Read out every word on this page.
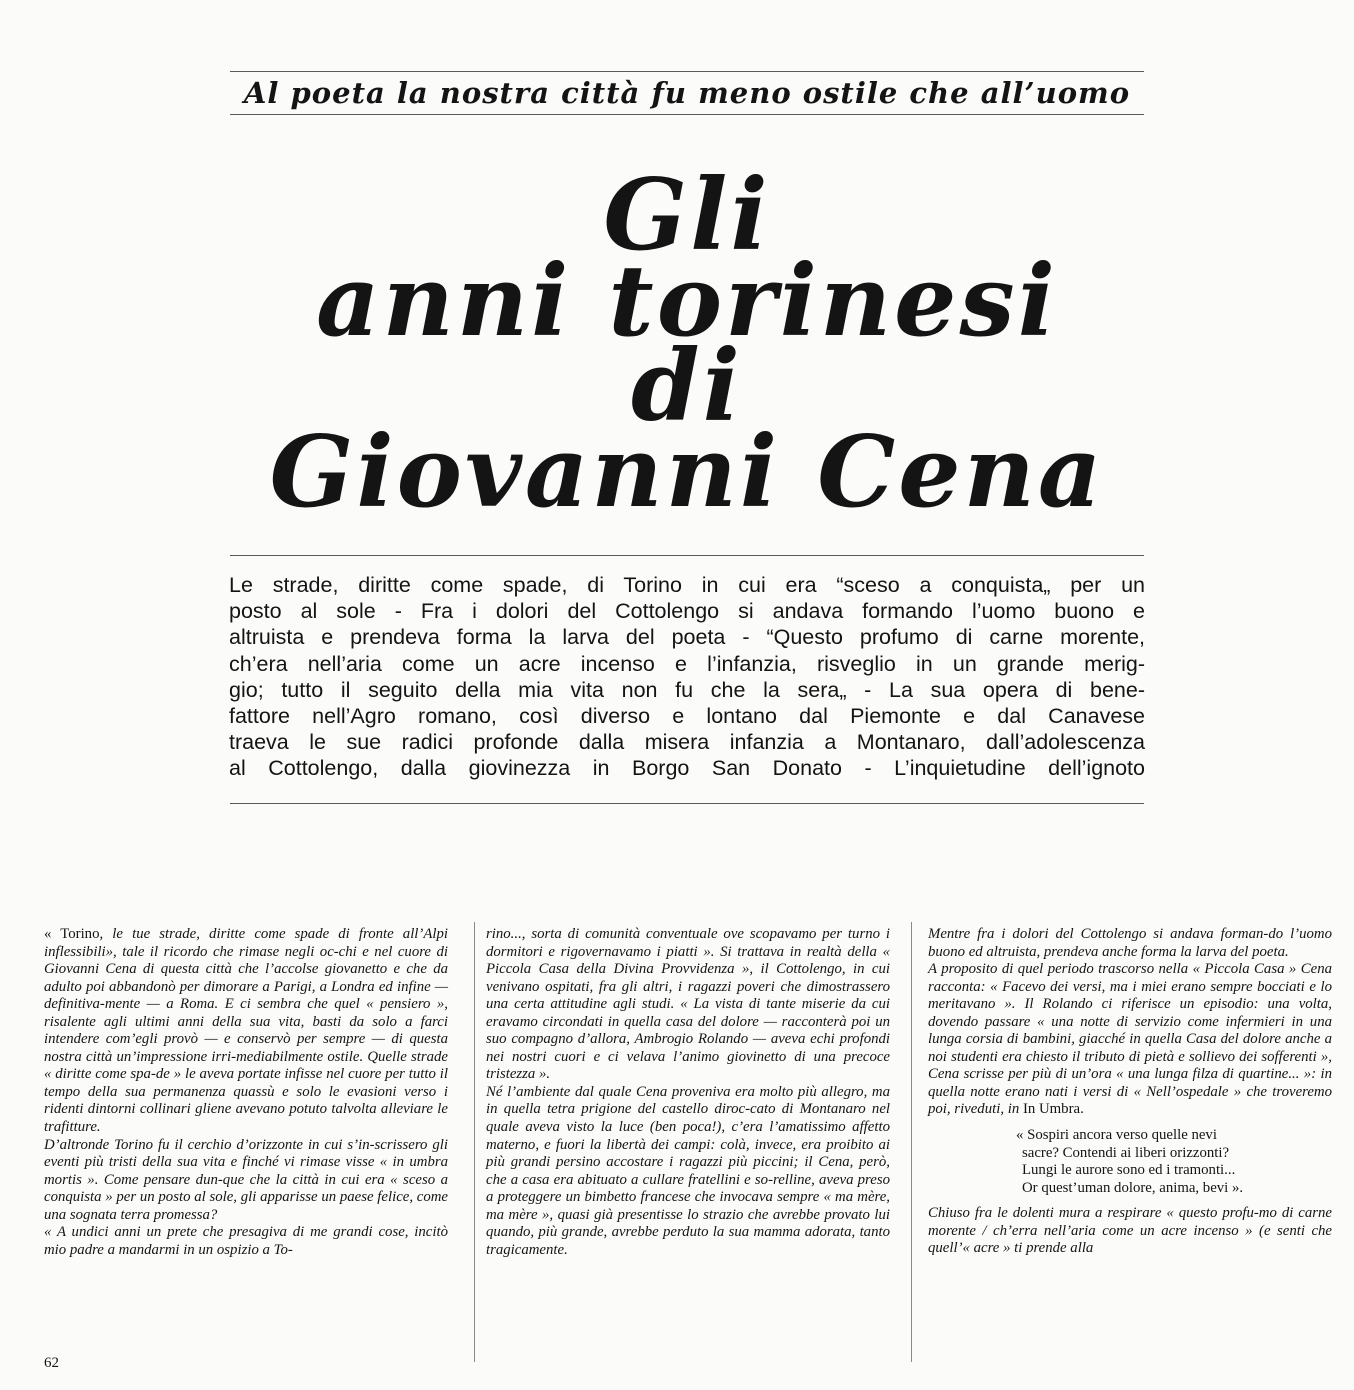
Al poeta la nostra città fu meno ostile che all’uomo
Gli
anni torinesi
di
Giovanni Cena
Le strade, diritte come spade, di Torino in cui era “sceso a conquista„ per un
posto al sole - Fra i dolori del Cottolengo si andava formando l’uomo buono e
altruista e prendeva forma la larva del poeta - “Questo profumo di carne morente,
ch’era nell’aria come un acre incenso e l’infanzia, risveglio in un grande merig-
gio; tutto il seguito della mia vita non fu che la sera„ - La sua opera di bene-
fattore nell’Agro romano, così diverso e lontano dal Piemonte e dal Canavese
traeva le sue radici profonde dalla misera infanzia a Montanaro, dall’adolescenza
al Cottolengo, dalla giovinezza in Borgo San Donato - L’inquietudine dell’ignoto

« Torino, le tue strade, diritte come spade di fronte all’Alpi inflessibili», tale il ricordo che rimase negli oc-chi e nel cuore di Giovanni Cena di questa città che l’accolse giovanetto e che da adulto poi abbandonò per dimorare a Parigi, a Londra ed infine — definitiva-mente — a Roma. E ci sembra che quel « pensiero », risalente agli ultimi anni della sua vita, basti da solo a farci intendere com’egli provò — e conservò per sempre — di questa nostra città un’impressione irri-mediabilmente ostile. Quelle strade « diritte come spa-de » le aveva portate infisse nel cuore per tutto il tempo della sua permanenza quassù e solo le evasioni verso i ridenti dintorni collinari gliene avevano potuto talvolta alleviare le trafitture.

D’altronde Torino fu il cerchio d’orizzonte in cui s’in-scrissero gli eventi più tristi della sua vita e finché vi rimase visse « in umbra mortis ». Come pensare dun-que che la città in cui era « sceso a conquista » per un posto al sole, gli apparisse un paese felice, come una sognata terra promessa?

« A undici anni un prete che presagiva di me grandi cose, incitò mio padre a mandarmi in un ospizio a To-

rino..., sorta di comunità conventuale ove scopavamo per turno i dormitori e rigovernavamo i piatti ». Si trattava in realtà della « Piccola Casa della Divina Provvidenza », il Cottolengo, in cui venivano ospitati, fra gli altri, i ragazzi poveri che dimostrassero una certa attitudine agli studi. « La vista di tante miserie da cui eravamo circondati in quella casa del dolore — racconterà poi un suo compagno d’allora, Ambrogio Rolando — aveva echi profondi nei nostri cuori e ci velava l’animo giovinetto di una precoce tristezza ».

Né l’ambiente dal quale Cena proveniva era molto più allegro, ma in quella tetra prigione del castello diroc-cato di Montanaro nel quale aveva visto la luce (ben poca!), c’era l’amatissimo affetto materno, e fuori la libertà dei campi: colà, invece, era proibito ai più grandi persino accostare i ragazzi più piccini; il Cena, però, che a casa era abituato a cullare fratellini e so-relline, aveva preso a proteggere un bimbetto francese che invocava sempre « ma mère, ma mère », quasi già presentisse lo strazio che avrebbe provato lui quando, più grande, avrebbe perduto la sua mamma adorata, tanto tragicamente.

Mentre fra i dolori del Cottolengo si andava forman-do l’uomo buono ed altruista, prendeva anche forma la larva del poeta.

A proposito di quel periodo trascorso nella « Piccola Casa » Cena racconta: « Facevo dei versi, ma i miei erano sempre bocciati e lo meritavano ». Il Rolando ci riferisce un episodio: una volta, dovendo passare « una notte di servizio come infermieri in una lunga corsia di bambini, giacché in quella Casa del dolore anche a noi studenti era chiesto il tributo di pietà e sollievo dei sofferenti », Cena scrisse per più di un’ora « una lunga filza di quartine... »: in quella notte erano nati i versi di « Nell’ospedale » che troveremo poi, riveduti, in In Umbra.

« Sospiri ancora verso quelle nevi
sacre? Contendi ai liberi orizzonti?
Lungi le aurore sono ed i tramonti...
Or quest’uman dolore, anima, bevi ».

Chiuso fra le dolenti mura a respirare « questo profu-mo di carne morente / ch’erra nell’aria come un acre incenso » (e senti che quell’« acre » ti prende alla

62
